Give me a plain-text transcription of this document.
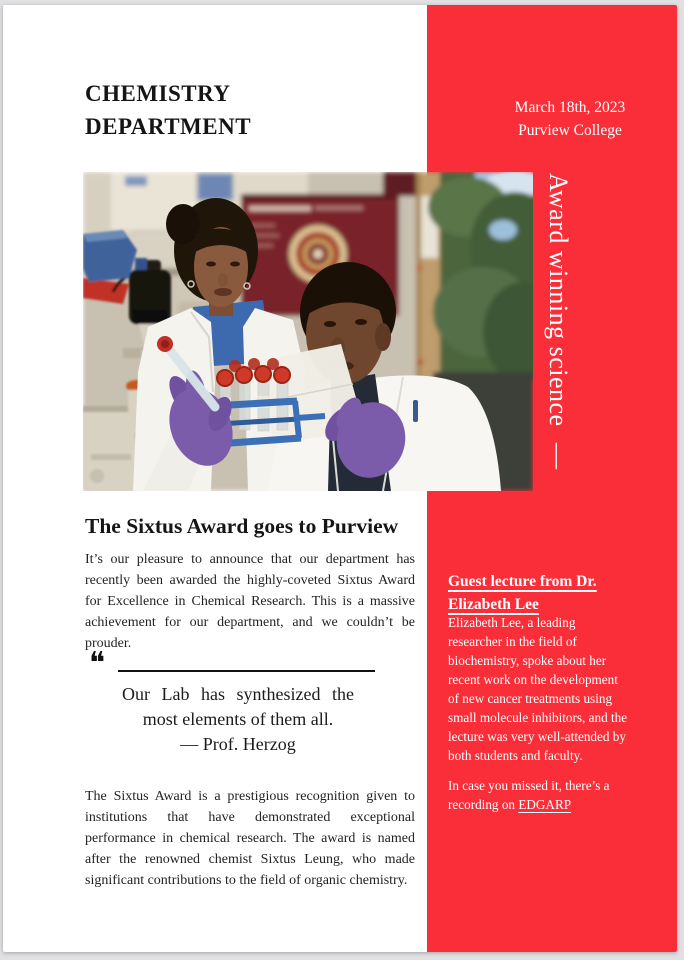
CHEMISTRY
DEPARTMENT
March 18th, 2023
Purview College
Award winning science—
The Sixtus Award goes to Purview

It’s our pleasure to announce that our department has recently been awarded the highly-coveted Sixtus Award for Excellence in Chemical Research. This is a massive achievement for our department, and we couldn’t be prouder.

❝
Our Lab has synthesized the
most elements of them all.
— Prof. Herzog

The Sixtus Award is a prestigious recognition given to institutions that have demonstrated exceptional performance in chemical research. The award is named after the renowned chemist Sixtus Leung, who made significant contributions to the field of organic chemistry.

Guest lecture from Dr. Elizabeth Lee

Elizabeth Lee, a leading researcher in the field of biochemistry, spoke about her recent work on the development of new cancer treatments using small molecule inhibitors, and the lecture was very well-attended by both students and faculty.

In case you missed it, there’s a recording on EDGARP
